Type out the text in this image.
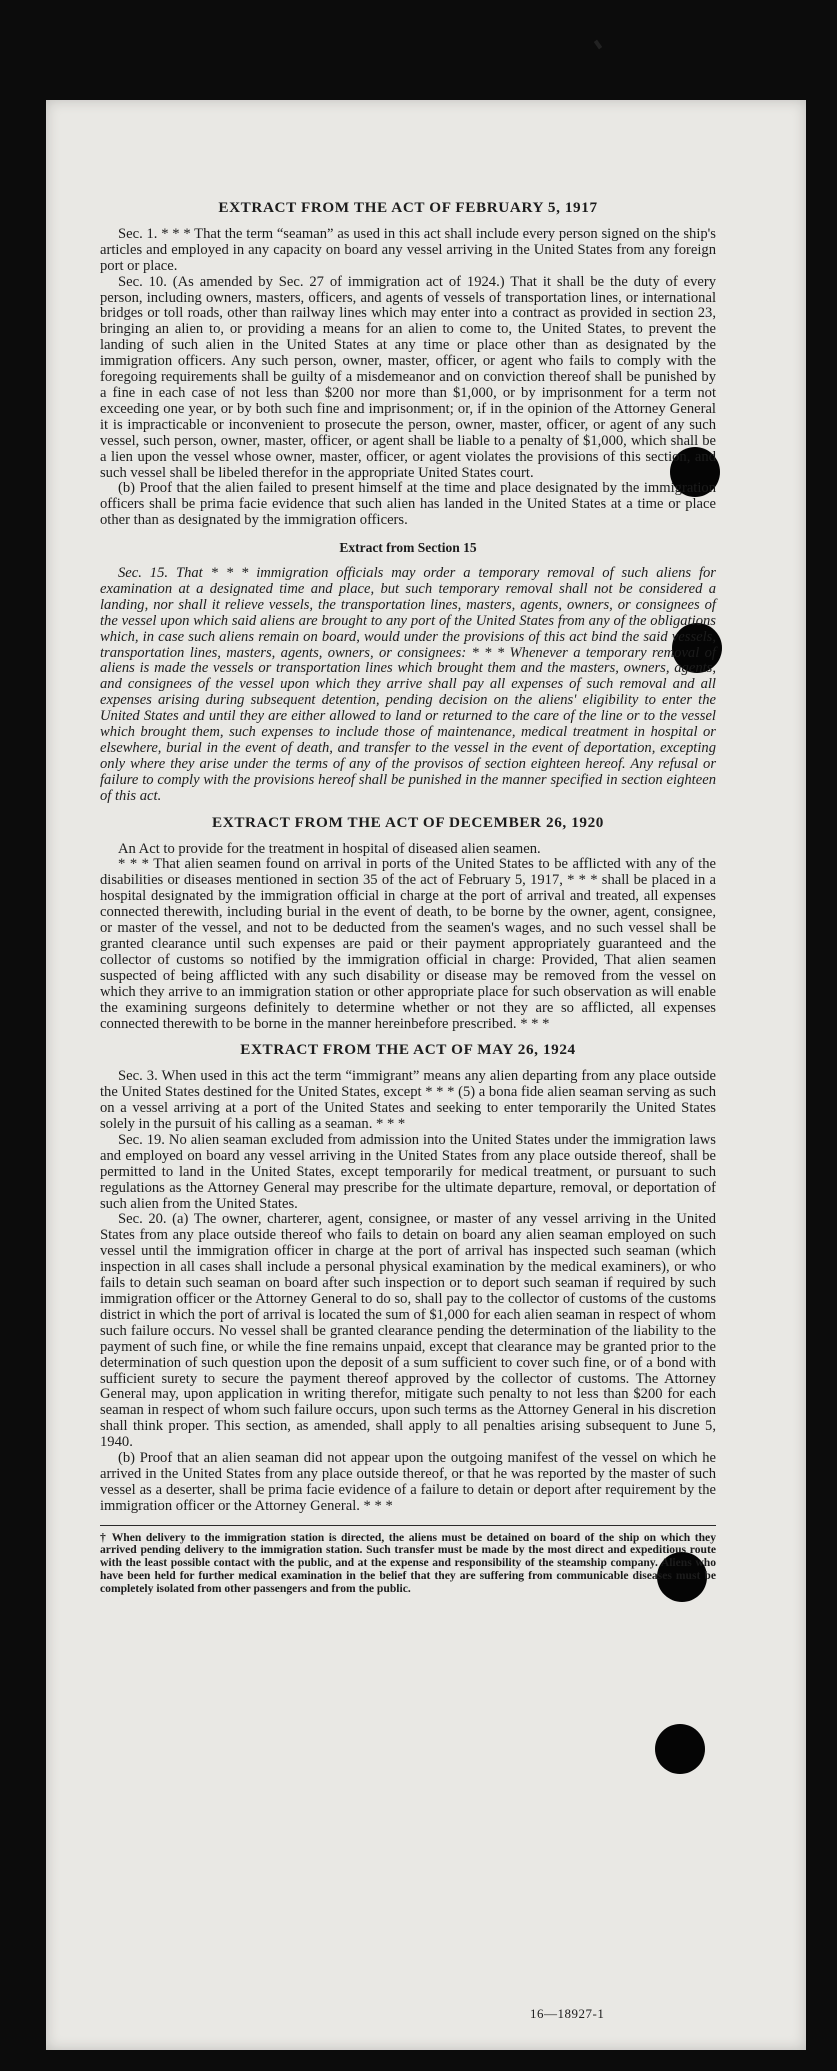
EXTRACT FROM THE ACT OF FEBRUARY 5, 1917

Sec. 1. * * * That the term “seaman” as used in this act shall include every person signed on the ship's articles and employed in any capacity on board any vessel arriving in the United States from any foreign port or place.

Sec. 10. (As amended by Sec. 27 of immigration act of 1924.) That it shall be the duty of every person, including owners, masters, officers, and agents of vessels of transportation lines, or international bridges or toll roads, other than railway lines which may enter into a contract as provided in section 23, bringing an alien to, or providing a means for an alien to come to, the United States, to prevent the landing of such alien in the United States at any time or place other than as designated by the immigration officers. Any such person, owner, master, officer, or agent who fails to comply with the foregoing requirements shall be guilty of a misdemeanor and on conviction thereof shall be punished by a fine in each case of not less than $200 nor more than $1,000, or by imprisonment for a term not exceeding one year, or by both such fine and imprisonment; or, if in the opinion of the Attorney General it is impracticable or inconvenient to prosecute the person, owner, master, officer, or agent of any such vessel, such person, owner, master, officer, or agent shall be liable to a penalty of $1,000, which shall be a lien upon the vessel whose owner, master, officer, or agent violates the provisions of this section, and such vessel shall be libeled therefor in the appropriate United States court.

(b) Proof that the alien failed to present himself at the time and place designated by the immigration officers shall be prima facie evidence that such alien has landed in the United States at a time or place other than as designated by the immigration officers.

Extract from Section 15

Sec. 15. That * * * immigration officials may order a temporary removal of such aliens for examination at a designated time and place, but such temporary removal shall not be considered a landing, nor shall it relieve vessels, the transportation lines, masters, agents, owners, or consignees of the vessel upon which said aliens are brought to any port of the United States from any of the obligations which, in case such aliens remain on board, would under the provisions of this act bind the said vessels, transportation lines, masters, agents, owners, or consignees: * * * Whenever a temporary removal of aliens is made the vessels or transportation lines which brought them and the masters, owners, agents, and consignees of the vessel upon which they arrive shall pay all expenses of such removal and all expenses arising during subsequent detention, pending decision on the aliens' eligibility to enter the United States and until they are either allowed to land or returned to the care of the line or to the vessel which brought them, such expenses to include those of maintenance, medical treatment in hospital or elsewhere, burial in the event of death, and transfer to the vessel in the event of deportation, excepting only where they arise under the terms of any of the provisos of section eighteen hereof. Any refusal or failure to comply with the provisions hereof shall be punished in the manner specified in section eighteen of this act.

EXTRACT FROM THE ACT OF DECEMBER 26, 1920

An Act to provide for the treatment in hospital of diseased alien seamen.

* * * That alien seamen found on arrival in ports of the United States to be afflicted with any of the disabilities or diseases mentioned in section 35 of the act of February 5, 1917, * * * shall be placed in a hospital designated by the immigration official in charge at the port of arrival and treated, all expenses connected therewith, including burial in the event of death, to be borne by the owner, agent, consignee, or master of the vessel, and not to be deducted from the seamen's wages, and no such vessel shall be granted clearance until such expenses are paid or their payment appropriately guaranteed and the collector of customs so notified by the immigration official in charge: Provided, That alien seamen suspected of being afflicted with any such disability or disease may be removed from the vessel on which they arrive to an immigration station or other appropriate place for such observation as will enable the examining surgeons definitely to determine whether or not they are so afflicted, all expenses connected therewith to be borne in the manner hereinbefore prescribed. * * *

EXTRACT FROM THE ACT OF MAY 26, 1924

Sec. 3. When used in this act the term “immigrant” means any alien departing from any place outside the United States destined for the United States, except * * * (5) a bona fide alien seaman serving as such on a vessel arriving at a port of the United States and seeking to enter temporarily the United States solely in the pursuit of his calling as a seaman. * * *

Sec. 19. No alien seaman excluded from admission into the United States under the immigration laws and employed on board any vessel arriving in the United States from any place outside thereof, shall be permitted to land in the United States, except temporarily for medical treatment, or pursuant to such regulations as the Attorney General may prescribe for the ultimate departure, removal, or deportation of such alien from the United States.

Sec. 20. (a) The owner, charterer, agent, consignee, or master of any vessel arriving in the United States from any place outside thereof who fails to detain on board any alien seaman employed on such vessel until the immigration officer in charge at the port of arrival has inspected such seaman (which inspection in all cases shall include a personal physical examination by the medical examiners), or who fails to detain such seaman on board after such inspection or to deport such seaman if required by such immigration officer or the Attorney General to do so, shall pay to the collector of customs of the customs district in which the port of arrival is located the sum of $1,000 for each alien seaman in respect of whom such failure occurs. No vessel shall be granted clearance pending the determination of the liability to the payment of such fine, or while the fine remains unpaid, except that clearance may be granted prior to the determination of such question upon the deposit of a sum sufficient to cover such fine, or of a bond with sufficient surety to secure the payment thereof approved by the collector of customs. The Attorney General may, upon application in writing therefor, mitigate such penalty to not less than $200 for each seaman in respect of whom such failure occurs, upon such terms as the Attorney General in his discretion shall think proper. This section, as amended, shall apply to all penalties arising subsequent to June 5, 1940.

(b) Proof that an alien seaman did not appear upon the outgoing manifest of the vessel on which he arrived in the United States from any place outside thereof, or that he was reported by the master of such vessel as a deserter, shall be prima facie evidence of a failure to detain or deport after requirement by the immigration officer or the Attorney General. * * *

† When delivery to the immigration station is directed, the aliens must be detained on board of the ship on which they arrived pending delivery to the immigration station. Such transfer must be made by the most direct and expeditious route with the least possible contact with the public, and at the expense and responsibility of the steamship company. Aliens who have been held for further medical examination in the belief that they are suffering from communicable diseases must be completely isolated from other passengers and from the public.
16—18927-1
